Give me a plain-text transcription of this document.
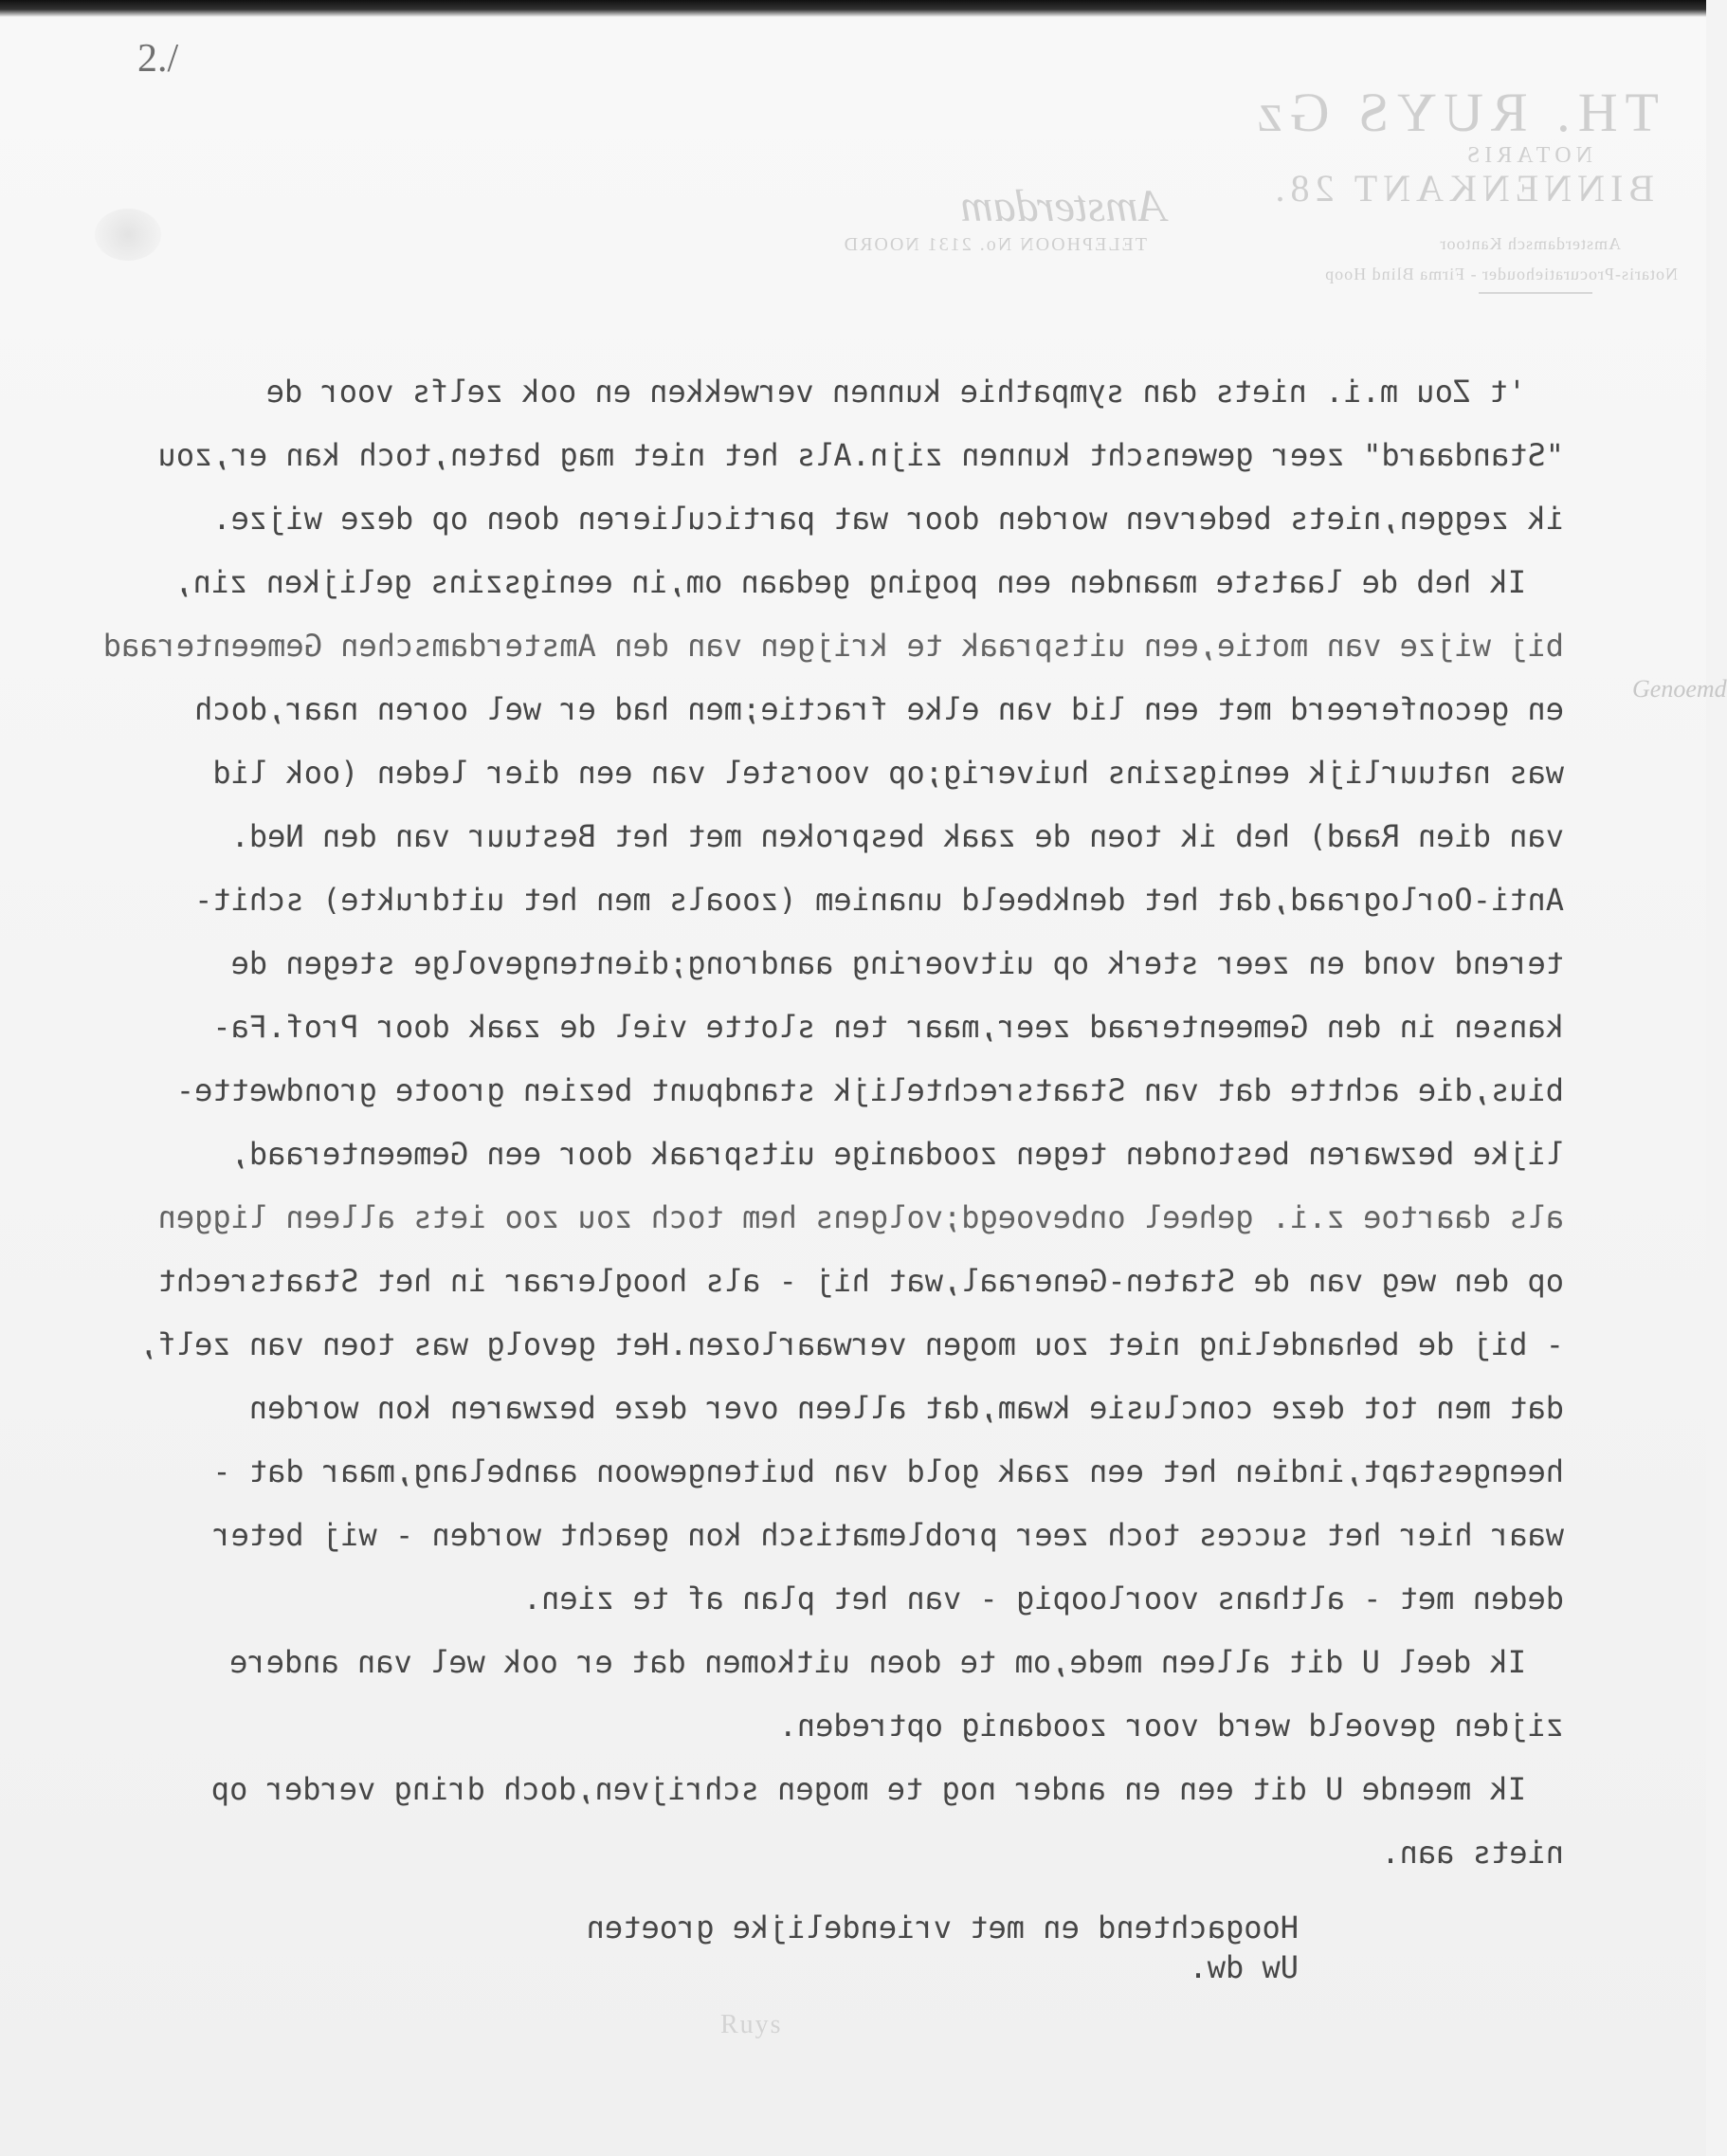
2./
TH. RUYS Gz
NOTARIS
BINNENKANT 28.
Amsterdam
TELEPHOON No. 2131 NOORD	Amsterdamsch Kantoor
Notaris-Procuratiehouder - Firma Blind Hoop
Genoemd
't Zou m.i. niets dan sympathie kunnen verwekken en ook zelfs voor de
"Standaard" zeer gewenscht kunnen zijn.Als het niet mag baten,toch kan er,zou
ik zeggen,niets bederven worden door wat particulieren doen op deze wijze.
Ik heb de laatste maanden een poging gedaan om,in eenigszins gelijken zin,
bij wijze van motie,een uitspraak te krijgen van den Amsterdamschen Gemeenteraad
en geconfereerd met een lid van elke fractie;men had er wel ooren naar,doch
was natuurlijk eenigszins huiverig;op voorstel van een dier leden (ook lid
van dien Raad) heb ik toen de zaak besproken met het Bestuur van den Ned.
Anti-Oorlograad,dat het denkbeeld unaniem (zooals men het uitdrukte) schit-
terend vond en zeer sterk op uitvoering aandrong;dientengevolge stegen de
kansen in den Gemeenteraad zeer,maar ten slotte viel de zaak door Prof.Fa-
bius,die achtte dat van Staatsrechtelijk standpunt bezien groote grondwette-
lijke bezwaren bestonden tegen zoodanige uitspraak door een Gemeenteraad,
als daartoe z.i. geheel onbevoegd;volgens hem toch zou zoo iets alleen liggen
op den weg van de Staten-Generaal,wat hij - als hoogleraar in het Staatsrecht
- bij de behandeling niet zou mogen verwaarlozen.Het gevolg was toen van zelf,
dat men tot deze conclusie kwam,dat alleen over deze bezwaren kon worden
heengestapt,indien het een zaak gold van buitengewoon aanbelang,maar dat -
waar hier het succes toch zeer problematisch kon geacht worden - wij beter
deden met - althans voorloopig - van het plan af te zien.
Ik deel U dit alleen mede,om te doen uitkomen dat er ook wel van andere
zijden gevoeld werd voor zoodanig optreden.
Ik meende U dit een en ander nog te mogen schrijven,doch dring verder op
niets aan.
Hoogachtend en met vriendelijke groeten
Uw dw.
Ruys
